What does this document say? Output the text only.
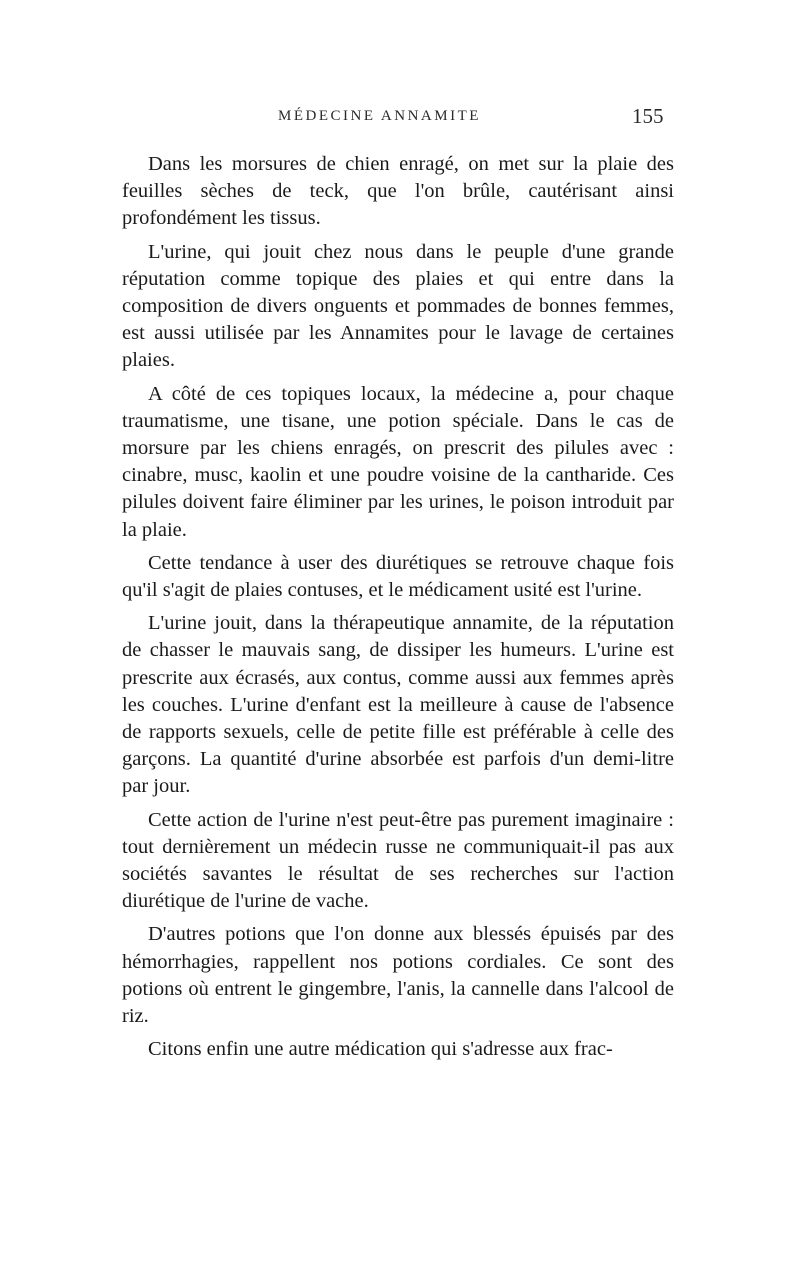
MÉDECINE ANNAMITE	155

Dans les morsures de chien enragé, on met sur la plaie des feuilles sèches de teck, que l'on brûle, cautérisant ainsi profondément les tissus.

L'urine, qui jouit chez nous dans le peuple d'une grande réputation comme topique des plaies et qui entre dans la composition de divers onguents et pommades de bonnes femmes, est aussi utilisée par les Annamites pour le lavage de certaines plaies.

A côté de ces topiques locaux, la médecine a, pour chaque traumatisme, une tisane, une potion spéciale. Dans le cas de morsure par les chiens enragés, on prescrit des pilules avec : cinabre, musc, kaolin et une poudre voisine de la cantharide. Ces pilules doivent faire éliminer par les urines, le poison introduit par la plaie.

Cette tendance à user des diurétiques se retrouve chaque fois qu'il s'agit de plaies contuses, et le médicament usité est l'urine.

L'urine jouit, dans la thérapeutique annamite, de la réputation de chasser le mauvais sang, de dissiper les humeurs. L'urine est prescrite aux écrasés, aux contus, comme aussi aux femmes après les couches. L'urine d'enfant est la meilleure à cause de l'absence de rapports sexuels, celle de petite fille est préférable à celle des garçons. La quantité d'urine absorbée est parfois d'un demi-litre par jour.

Cette action de l'urine n'est peut-être pas purement imaginaire : tout dernièrement un médecin russe ne communiquait-il pas aux sociétés savantes le résultat de ses recherches sur l'action diurétique de l'urine de vache.

D'autres potions que l'on donne aux blessés épuisés par des hémorrhagies, rappellent nos potions cordiales. Ce sont des potions où entrent le gingembre, l'anis, la cannelle dans l'alcool de riz.

Citons enfin une autre médication qui s'adresse aux frac-
